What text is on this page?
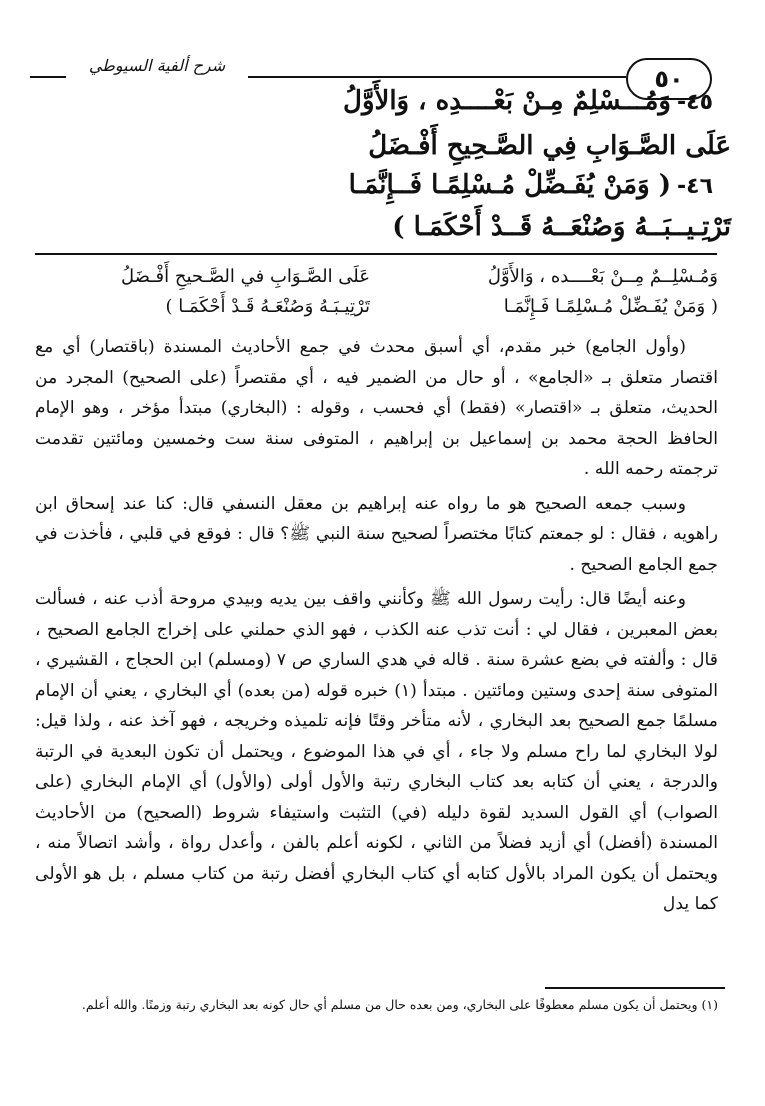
شرح ألفية السيوطي	٥٠
٤٥-وَمُـــسْلِمٌ مِـنْ بَعْــــدِه ، وَالأَوَّلُ
عَلَى الصَّـوَابِ فِي الصَّـحِيحِ أَفْـضَلُ
٤٦-( وَمَنْ يُفَـضِّلْ مُـسْلِمًـا فَــإِنَّمَـا
تَرْتِـيــبَــهُ وَصُنْعَــهُ قَــدْ أَحْكَمَـا )
وَمُـسْلِــمٌ مِــنْ بَعْــــده ، وَالأَوَّلُ
عَلَى الصَّـوَابِ في الصَّـحيحِ أَفْـضَلُ
( وَمَنْ يُفَـضِّلْ مُـسْلِمًـا فَـإِنَّمَـا
تَرْتِيـبَـهُ وَصُنْعَـهُ قَـدْ أَحْكَمَـا )

(وأول الجامع) خبر مقدم، أي أسبق محدث في جمع الأحاديث المسندة (باقتصار) أي مع اقتصار متعلق بـ «الجامع» ، أو حال من الضمير فيه ، أي مقتصراً (على الصحيح) المجرد من الحديث، متعلق بـ «اقتصار» (فقط) أي فحسب ، وقوله : (البخاري) مبتدأ مؤخر ، وهو الإمام الحافظ الحجة محمد بن إسماعيل بن إبراهيم ، المتوفى سنة ست وخمسين ومائتين تقدمت ترجمته رحمه الله .

وسبب جمعه الصحيح هو ما رواه عنه إبراهيم بن معقل النسفي قال: كنا عند إسحاق ابن راهويه ، فقال : لو جمعتم كتابًا مختصراً لصحيح سنة النبي ﷺ؟ قال : فوقع في قلبي ، فأخذت في جمع الجامع الصحيح .

وعنه أيضًا قال: رأيت رسول الله ﷺ وكأنني واقف بين يديه وبيدي مروحة أذب عنه ، فسألت بعض المعبرين ، فقال لي : أنت تذب عنه الكذب ، فهو الذي حملني على إخراج الجامع الصحيح ، قال : وألفته في بضع عشرة سنة . قاله في هدي الساري ص ٧ (ومسلم) ابن الحجاج ، القشيري ، المتوفى سنة إحدى وستين ومائتين . مبتدأ (١) خبره قوله (من بعده) أي البخاري ، يعني أن الإمام مسلمًا جمع الصحيح بعد البخاري ، لأنه متأخر وقتًا فإنه تلميذه وخريجه ، فهو آخذ عنه ، ولذا قيل: لولا البخاري لما راح مسلم ولا جاء ، أي في هذا الموضوع ، ويحتمل أن تكون البعدية في الرتبة والدرجة ، يعني أن كتابه بعد كتاب البخاري رتبة والأول أولى (والأول) أي الإمام البخاري (على الصواب) أي القول السديد لقوة دليله (في) التثبت واستيفاء شروط (الصحيح) من الأحاديث المسندة (أفضل) أي أزيد فضلاً من الثاني ، لكونه أعلم بالفن ، وأعدل رواة ، وأشد اتصالاً منه ، ويحتمل أن يكون المراد بالأول كتابه أي كتاب البخاري أفضل رتبة من كتاب مسلم ، بل هو الأولى كما يدل

(١) ويحتمل أن يكون مسلم معطوفًا على البخاري، ومن بعده حال من مسلم أي حال كونه بعد البخاري رتبة وزمنًا. والله أعلم.
